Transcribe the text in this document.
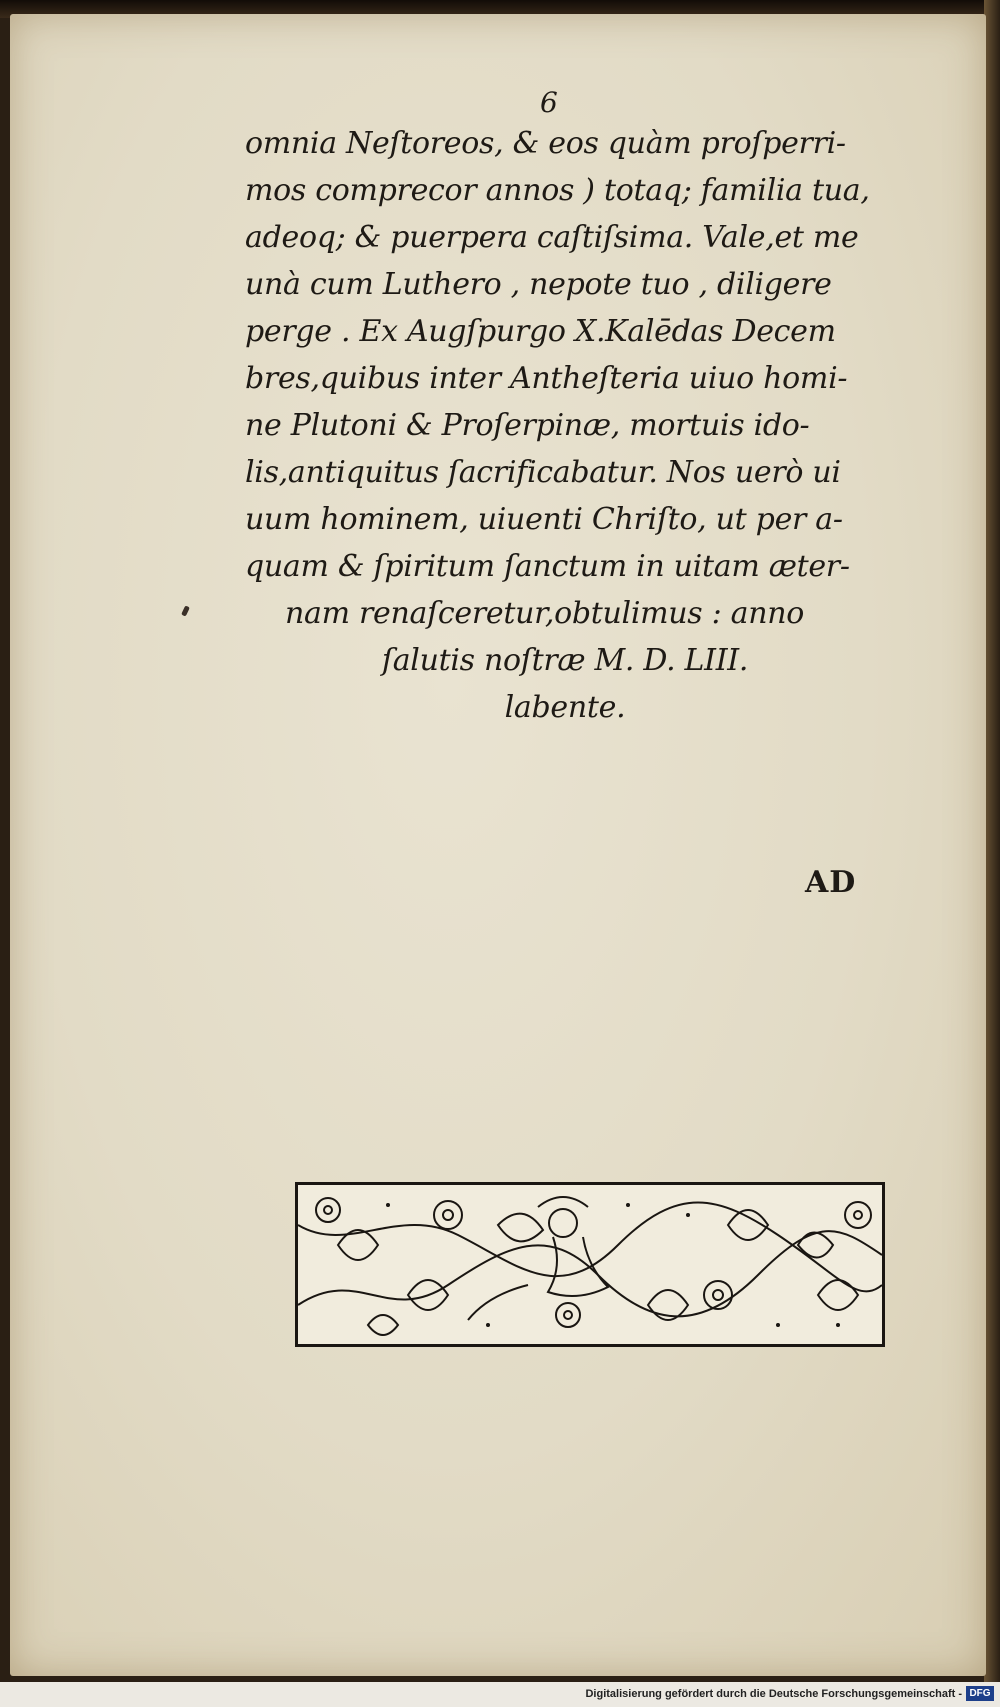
6
omnia Neſtoreos, & eos quàm proſperri-
mos comprecor annos ) totaq; familia tua,
adeoq; & puerpera caſtiſsima. Vale,et me
unà cum Luthero , nepote tuo , diligere
perge . Ex Augſpurgo X.Kalēdas Decem
bres,quibus inter Antheſteria uiuo homi-
ne Plutoni & Proſerpinæ, mortuis ido-
lis,antiquitus ſacrificabatur. Nos uerò ui
uum hominem, uiuenti Chriſto, ut per a-
quam & ſpiritum ſanctum in uitam æter-
nam renaſceretur,obtulimus : anno
ſalutis noſtræ M. D. LIII.
labente.
AD
Digitalisierung gefördert durch die Deutsche Forschungsgemeinschaft - DFG
